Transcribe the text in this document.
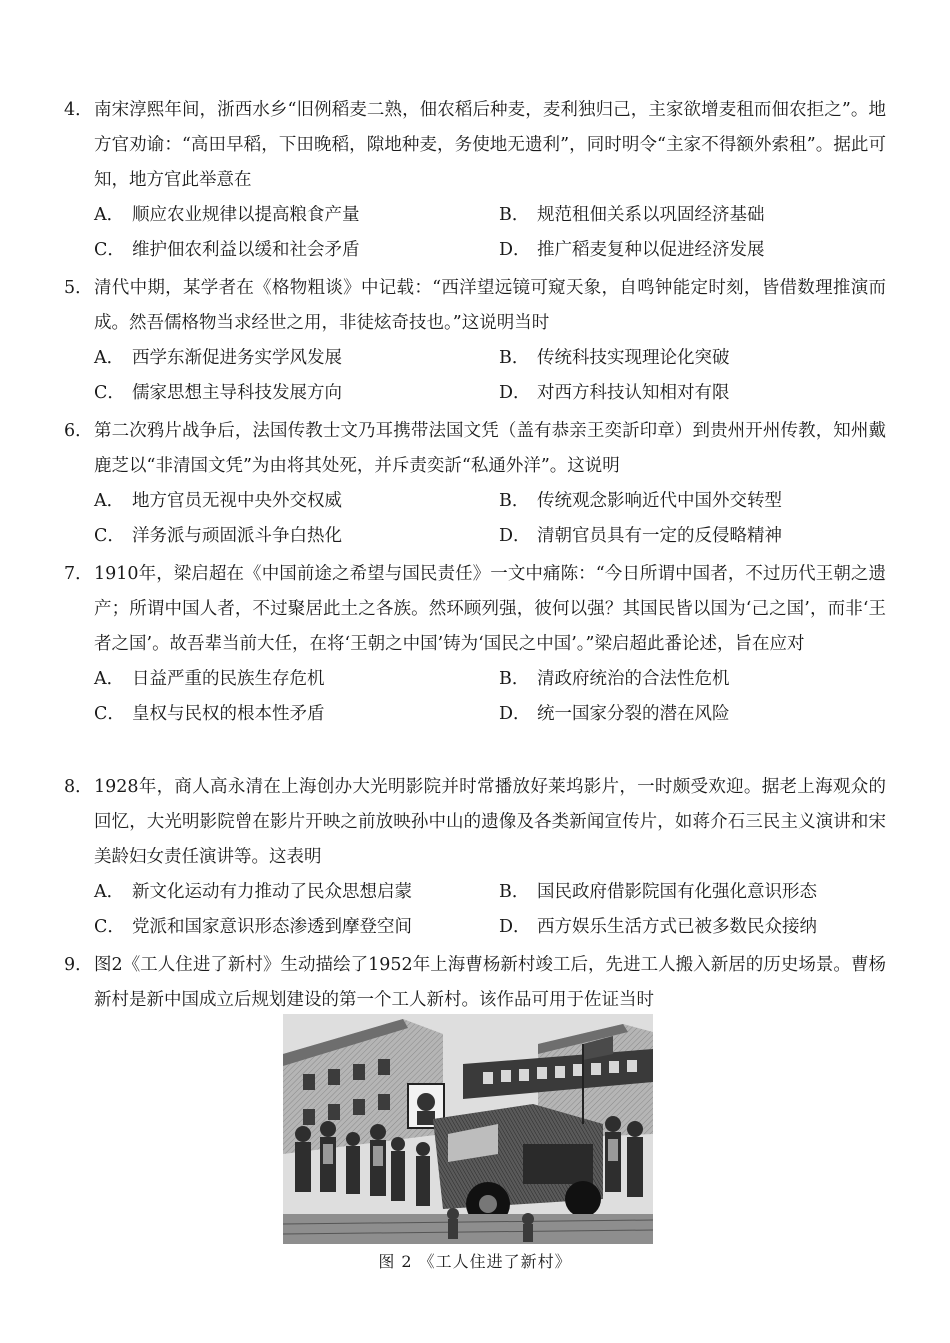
4． 南宋淳熙年间，浙西水乡“旧例稻麦二熟，佃农稻后种麦，麦利独归己，主家欲增麦租而佃农拒之”。地方官劝谕：“高田早稻，下田晚稻，隙地种麦，务使地无遗利”，同时明令“主家不得额外索租”。据此可知，地方官此举意在
A． 顺应农业规律以提高粮食产量	B． 规范租佃关系以巩固经济基础
C． 维护佃农利益以缓和社会矛盾	D． 推广稻麦复种以促进经济发展
5． 清代中期，某学者在《格物粗谈》中记载：“西洋望远镜可窥天象，自鸣钟能定时刻，皆借数理推演而成。然吾儒格物当求经世之用，非徒炫奇技也。”这说明当时
A． 西学东渐促进务实学风发展	B． 传统科技实现理论化突破
C． 儒家思想主导科技发展方向	D． 对西方科技认知相对有限
6． 第二次鸦片战争后，法国传教士文乃耳携带法国文凭（盖有恭亲王奕訢印章）到贵州开州传教，知州戴鹿芝以“非清国文凭”为由将其处死，并斥责奕訢“私通外洋”。这说明
A． 地方官员无视中央外交权威	B． 传统观念影响近代中国外交转型
C． 洋务派与顽固派斗争白热化	D． 清朝官员具有一定的反侵略精神
7． 1910年，梁启超在《中国前途之希望与国民责任》一文中痛陈：“今日所谓中国者，不过历代王朝之遗产；所谓中国人者，不过聚居此土之各族。然环顾列强，彼何以强？其国民皆以国为‘己之国’，而非‘王者之国’。故吾辈当前大任，在将‘王朝之中国’铸为‘国民之中国’。”梁启超此番论述，旨在应对
A． 日益严重的民族生存危机	B． 清政府统治的合法性危机
C． 皇权与民权的根本性矛盾	D． 统一国家分裂的潜在风险
8． 1928年，商人高永清在上海创办大光明影院并时常播放好莱坞影片，一时颇受欢迎。据老上海观众的回忆，大光明影院曾在影片开映之前放映孙中山的遗像及各类新闻宣传片，如蒋介石三民主义演讲和宋美龄妇女责任演讲等。这表明
A． 新文化运动有力推动了民众思想启蒙	B． 国民政府借影院国有化强化意识形态
C． 党派和国家意识形态渗透到摩登空间	D． 西方娱乐生活方式已被多数民众接纳
9． 图2《工人住进了新村》生动描绘了1952年上海曹杨新村竣工后，先进工人搬入新居的历史场景。曹杨新村是新中国成立后规划建设的第一个工人新村。该作品可用于佐证当时
图 2 《工人住进了新村》
